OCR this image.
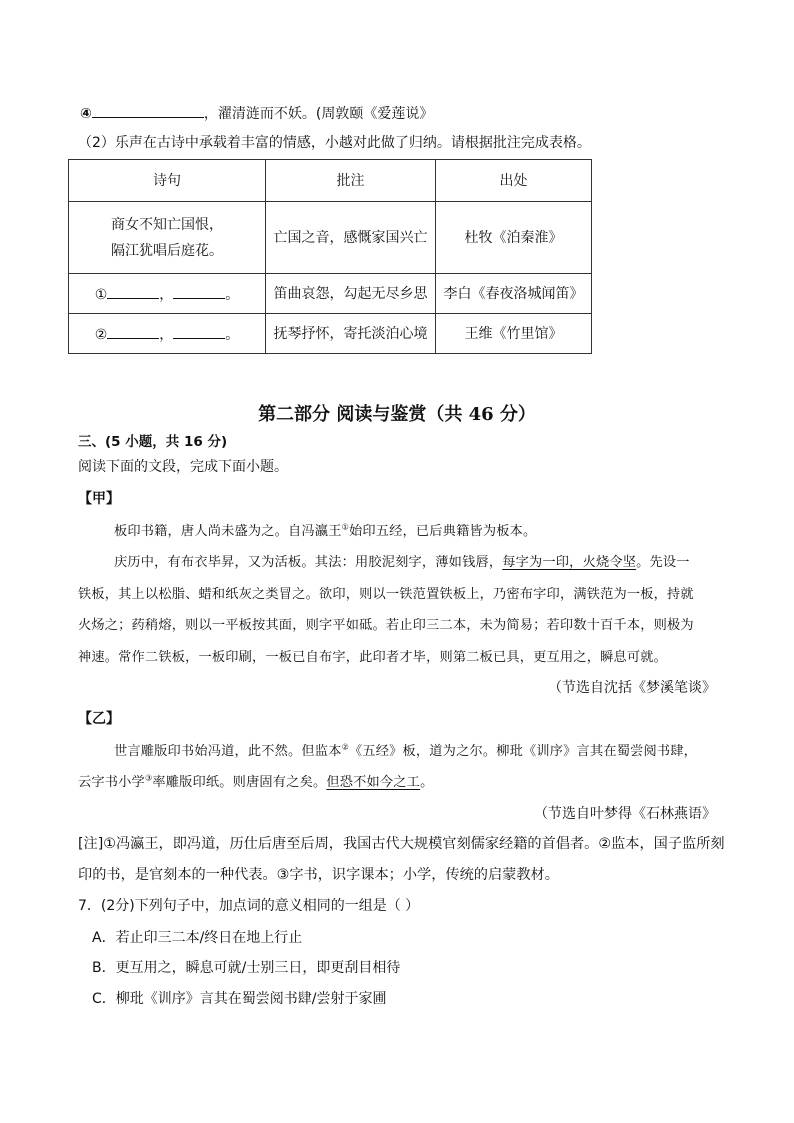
④	，濯清涟而不妖。(周敦颐《爱莲说》
（2）乐声在古诗中承载着丰富的情感，小越对此做了归纳。请根据批注完成表格。
诗句	批注	出处

商女不知亡国恨，
隔江犹唱后庭花。	亡国之音，感慨家国兴亡	杜牧《泊秦淮》
① ， 。	笛曲哀怨，勾起无尽乡思	李白《春夜洛城闻笛》
② ， 。	抚琴抒怀，寄托淡泊心境	王维《竹里馆》
第二部分 阅读与鉴赏（共 46 分）
三、(5 小题，共 16 分)
阅读下面的文段，完成下面小题。
【甲】
板印书籍，唐人尚未盛为之。自冯瀛王①始印五经，已后典籍皆为板本。
庆历中，有布衣毕昇，又为活板。其法：用胶泥刻字，薄如钱唇，每字为一印，火烧令坚。先设一
铁板，其上以松脂、蜡和纸灰之类冒之。欲印，则以一铁范置铁板上，乃密布字印，满铁范为一板，持就
火炀之；药稍熔，则以一平板按其面，则字平如砥。若止印三二本，未为简易；若印数十百千本，则极为
神速。常作二铁板，一板印刷，一板已自布字，此印者才毕，则第二板已具，更互用之，瞬息可就。
（节选自沈括《梦溪笔谈》
【乙】
世言雕版印书始冯道，此不然。但监本②《五经》板，道为之尔。柳玭《训序》言其在蜀尝阅书肆，
云字书小学③率雕版印纸。则唐固有之矣。但恐不如今之工。
（节选自叶梦得《石林燕语》
[注]①冯瀛王，即冯道，历仕后唐至后周，我国古代大规模官刻儒家经籍的首倡者。②监本，国子监所刻
印的书，是官刻本的一种代表。③字书，识字课本；小学，传统的启蒙教材。
7．(2分)下列句子中，加点词的意义相同的一组是（ ）
A．若止印三二本/终日在地上行止
B．更互用之，瞬息可就/士别三日，即更刮目相待
C．柳玭《训序》言其在蜀尝阅书肆/尝射于家圃
